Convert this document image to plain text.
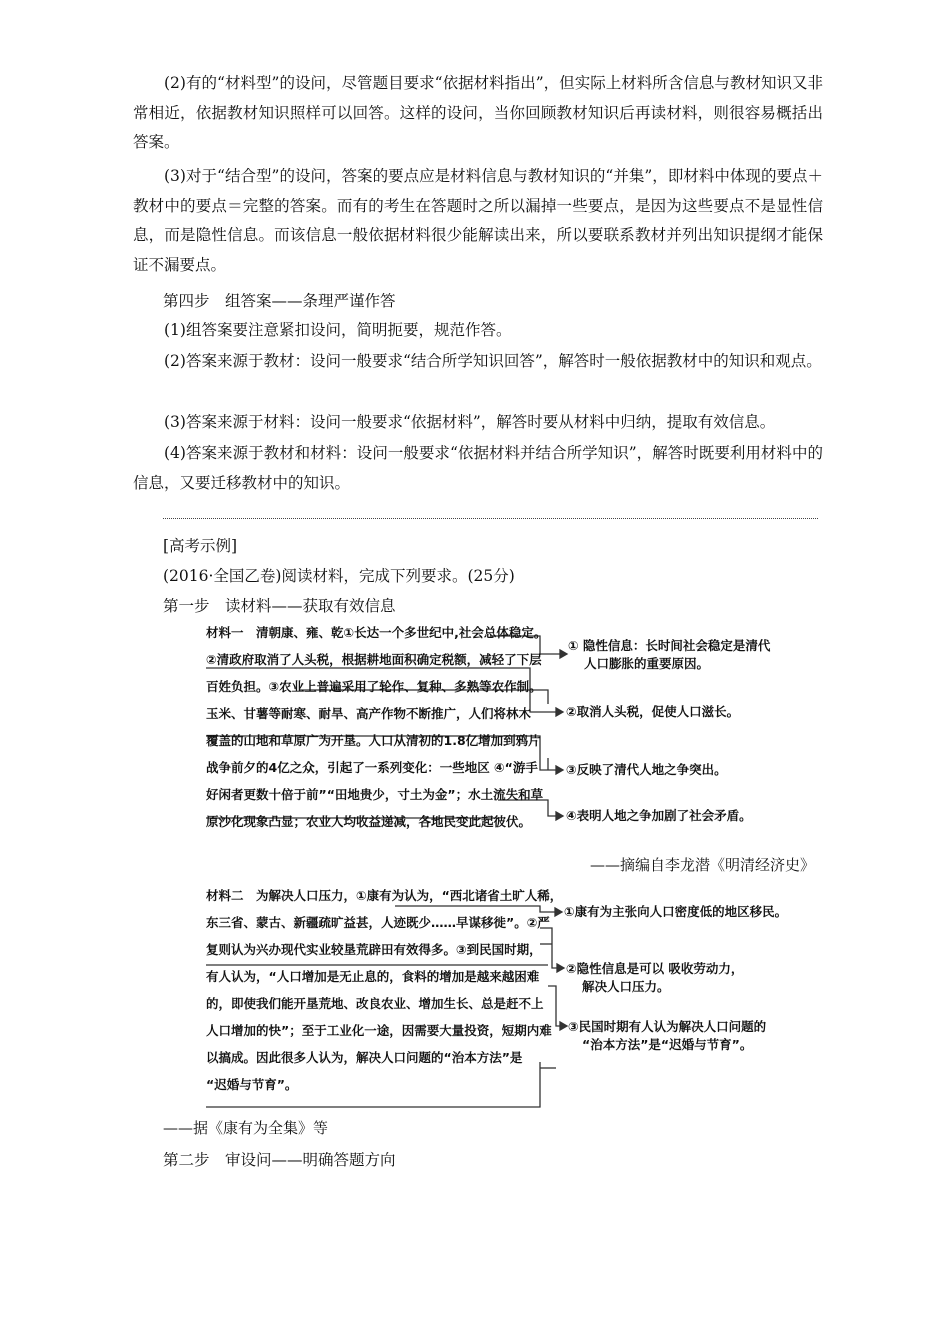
(2)有的“材料型”的设问，尽管题目要求“依据材料指出”，但实际上材料所含信息与教材知识又非常相近，依据教材知识照样可以回答。这样的设问，当你回顾教材知识后再读材料，则很容易概括出答案。
(3)对于“结合型”的设问，答案的要点应是材料信息与教材知识的“并集”，即材料中体现的要点＋教材中的要点＝完整的答案。而有的考生在答题时之所以漏掉一些要点，是因为这些要点不是显性信息，而是隐性信息。而该信息一般依据材料很少能解读出来，所以要联系教材并列出知识提纲才能保证不漏要点。
第四步　组答案——条理严谨作答
(1)组答案要注意紧扣设问，简明扼要，规范作答。
(2)答案来源于教材：设问一般要求“结合所学知识回答”，解答时一般依据教材中的知识和观点。
(3)答案来源于材料：设问一般要求“依据材料”，解答时要从材料中归纳，提取有效信息。
(4)答案来源于教材和材料：设问一般要求“依据材料并结合所学知识”，解答时既要利用材料中的信息，又要迁移教材中的知识。
[高考示例]
(2016·全国乙卷)阅读材料，完成下列要求。(25分)
第一步　读材料——获取有效信息
材料一　清朝康、雍、乾①长达一个多世纪中,社会总体稳定。
②清政府取消了人头税，根据耕地面积确定税额，减轻了下层
百姓负担。③农业上普遍采用了轮作、复种、多熟等农作制。
玉米、甘薯等耐寒、耐旱、高产作物不断推广，人们将林木
覆盖的山地和草原广为开垦。人口从清初的1.8亿增加到鸦片
战争前夕的4亿之众，引起了一系列变化：一些地区 ④“游手
好闲者更数十倍于前”“田地贵少，寸土为金”；水土流失和草
原沙化现象凸显；农业人均收益递减，各地民变此起彼伏。
① 隐性信息：长时间社会稳定是清代
人口膨胀的重要原因。
②取消人头税，促使人口滋长。
③反映了清代人地之争突出。
④表明人地之争加剧了社会矛盾。
——摘编自李龙潜《明清经济史》
材料二　为解决人口压力，①康有为认为，“西北诸省土旷人稀，
东三省、蒙古、新疆疏旷益甚，人迹既少……早谋移徙”。②严
复则认为兴办现代实业较垦荒辟田有效得多。③到民国时期，
有人认为，“人口增加是无止息的，食料的增加是越来越困难
的，即使我们能开垦荒地、改良农业、增加生长、总是赶不上
人口增加的快”；至于工业化一途，因需要大量投资，短期内难
以搞成。因此很多人认为，解决人口问题的“治本方法”是
“迟婚与节育”。
①康有为主张向人口密度低的地区移民。
②隐性信息是可以 吸收劳动力，
解决人口压力。
③民国时期有人认为解决人口问题的
“治本方法”是“迟婚与节育”。
——据《康有为全集》等
第二步　审设问——明确答题方向
